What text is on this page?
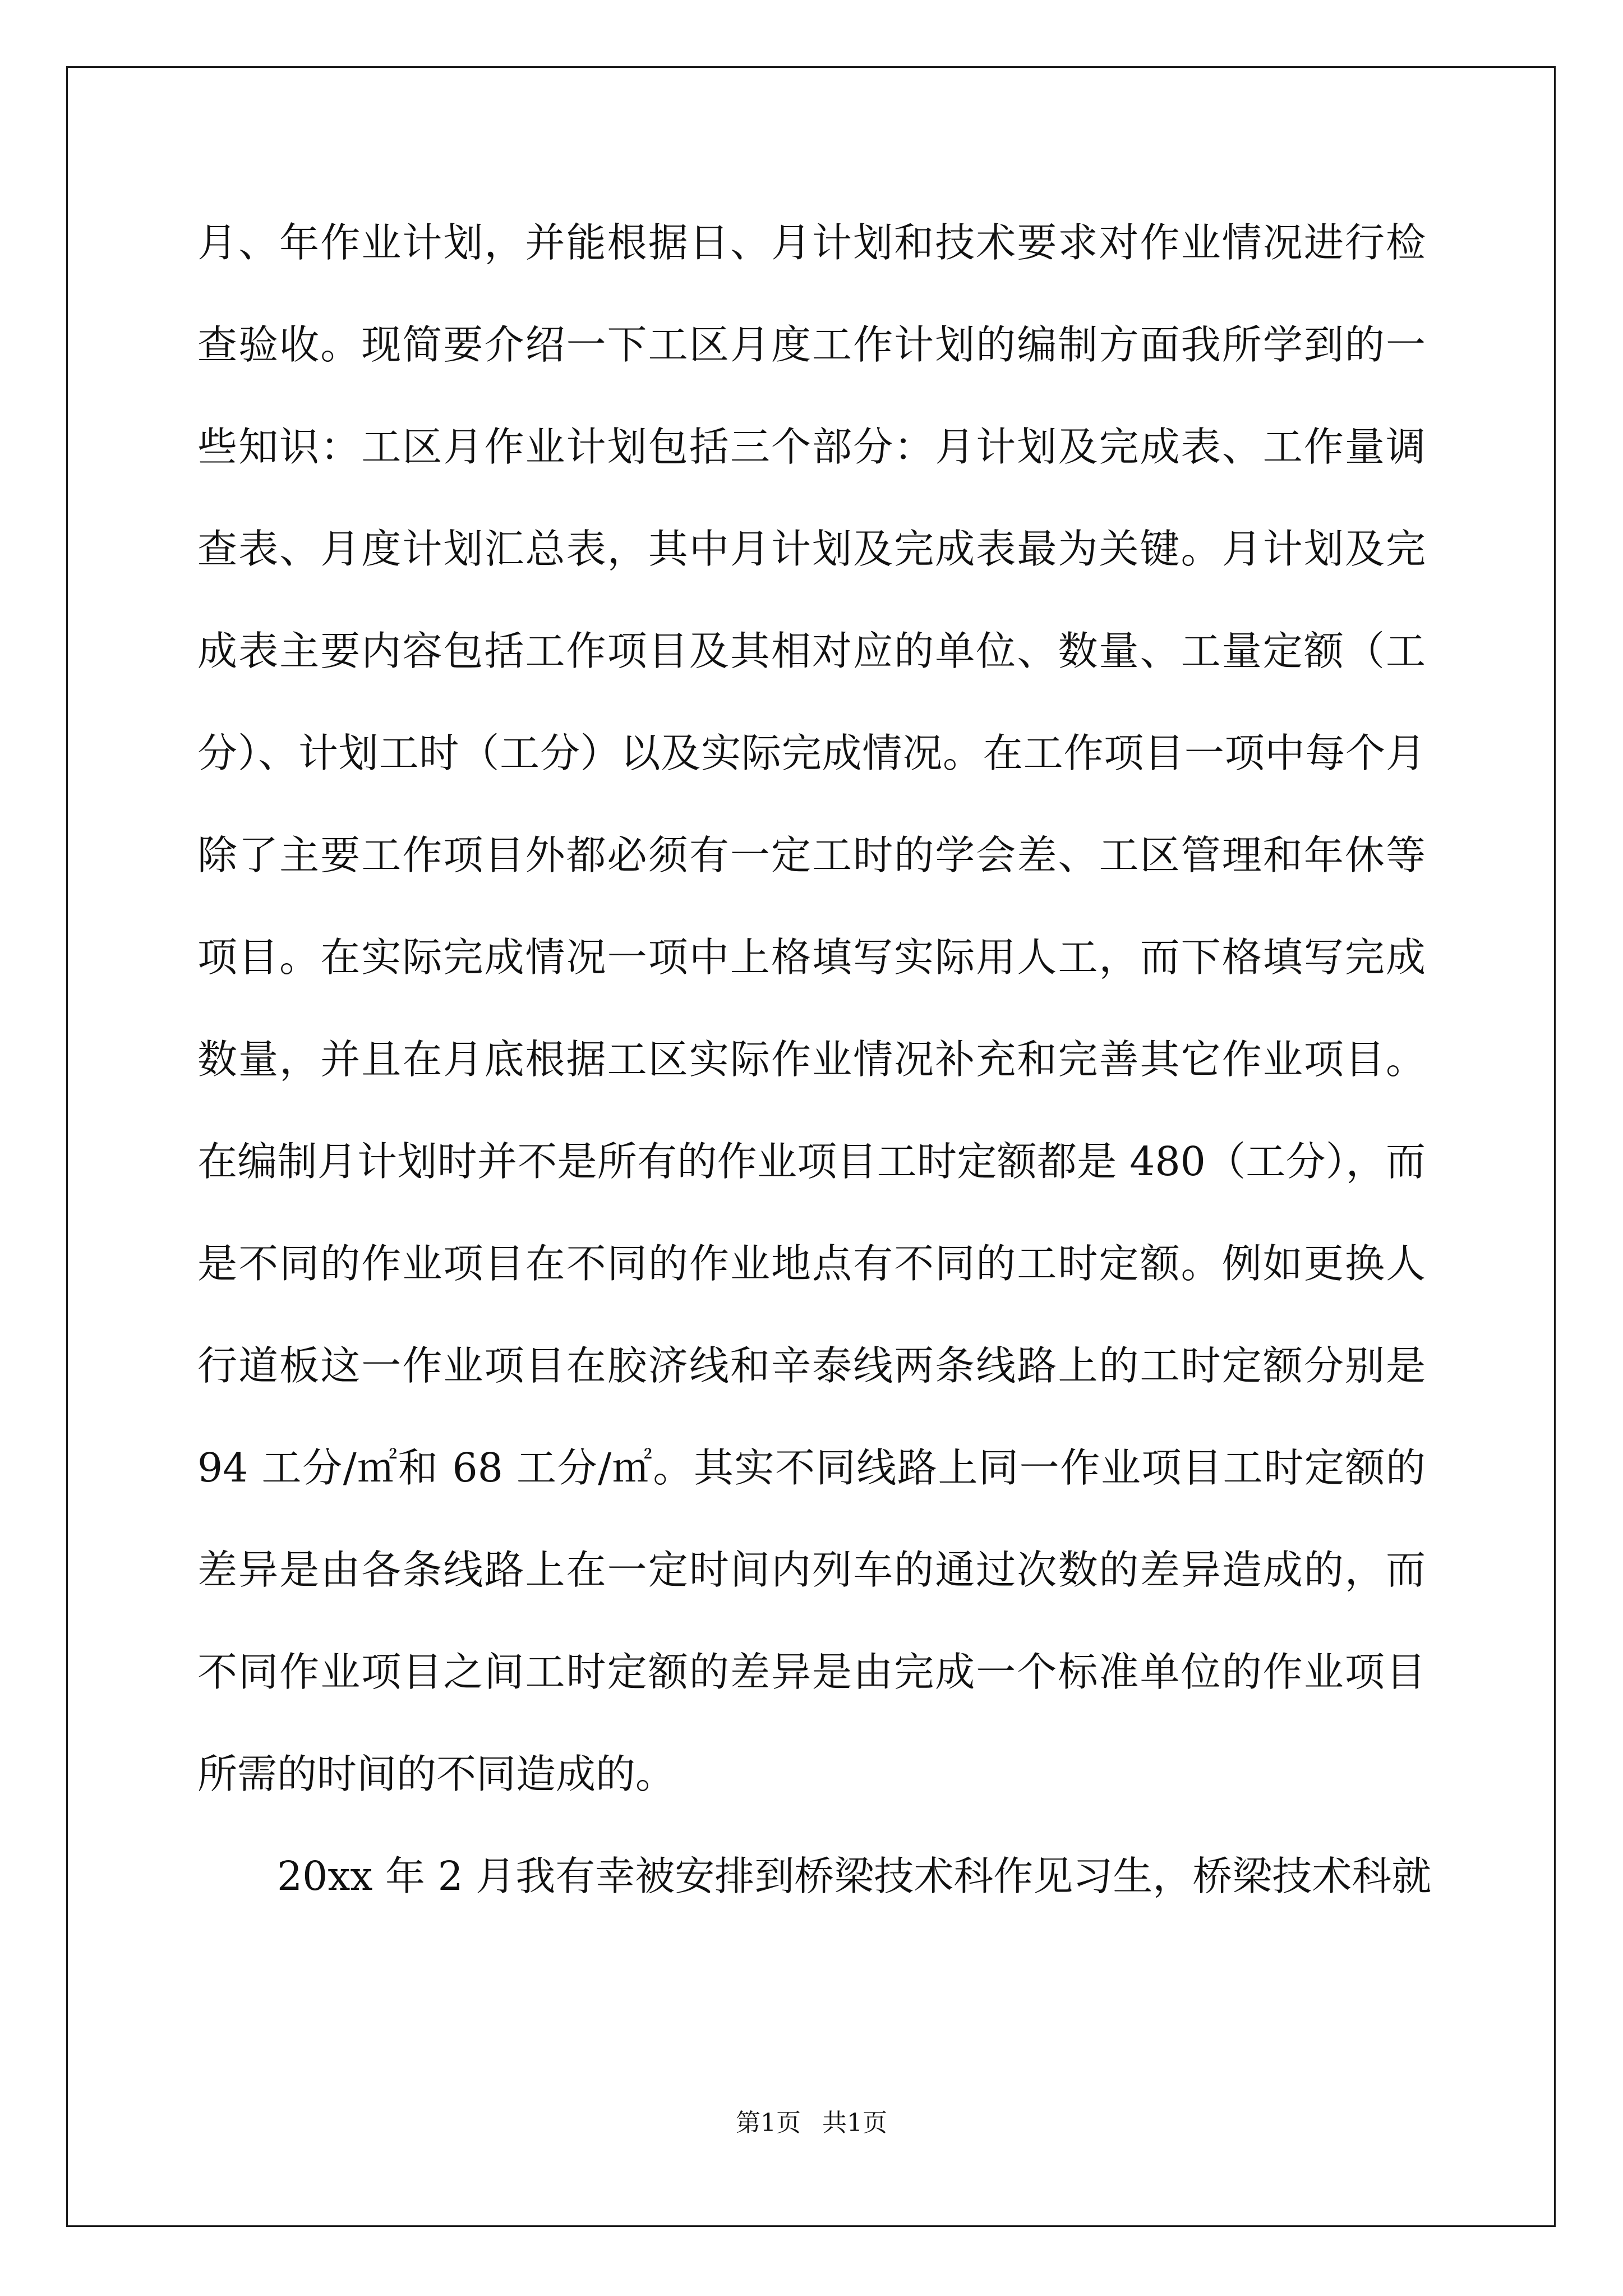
月、年作业计划，并能根据日、月计划和技术要求对作业情况进行检
查验收。现简要介绍一下工区月度工作计划的编制方面我所学到的一
些知识：工区月作业计划包括三个部分：月计划及完成表、工作量调
查表、月度计划汇总表，其中月计划及完成表最为关键。月计划及完
成表主要内容包括工作项目及其相对应的单位、数量、工量定额（工
分）、计划工时（工分）以及实际完成情况。在工作项目一项中每个月
除了主要工作项目外都必须有一定工时的学会差、工区管理和年休等
项目。在实际完成情况一项中上格填写实际用人工，而下格填写完成
数量，并且在月底根据工区实际作业情况补充和完善其它作业项目。
在编制月计划时并不是所有的作业项目工时定额都是 480（工分），而
是不同的作业项目在不同的作业地点有不同的工时定额。例如更换人
行道板这一作业项目在胶济线和辛泰线两条线路上的工时定额分别是
94 工分/㎡和 68 工分/㎡。其实不同线路上同一作业项目工时定额的
差异是由各条线路上在一定时间内列车的通过次数的差异造成的，而
不同作业项目之间工时定额的差异是由完成一个标准单位的作业项目
所需的时间的不同造成的。
20xx 年 2 月我有幸被安排到桥梁技术科作见习生，桥梁技术科就
第1页 共1页
